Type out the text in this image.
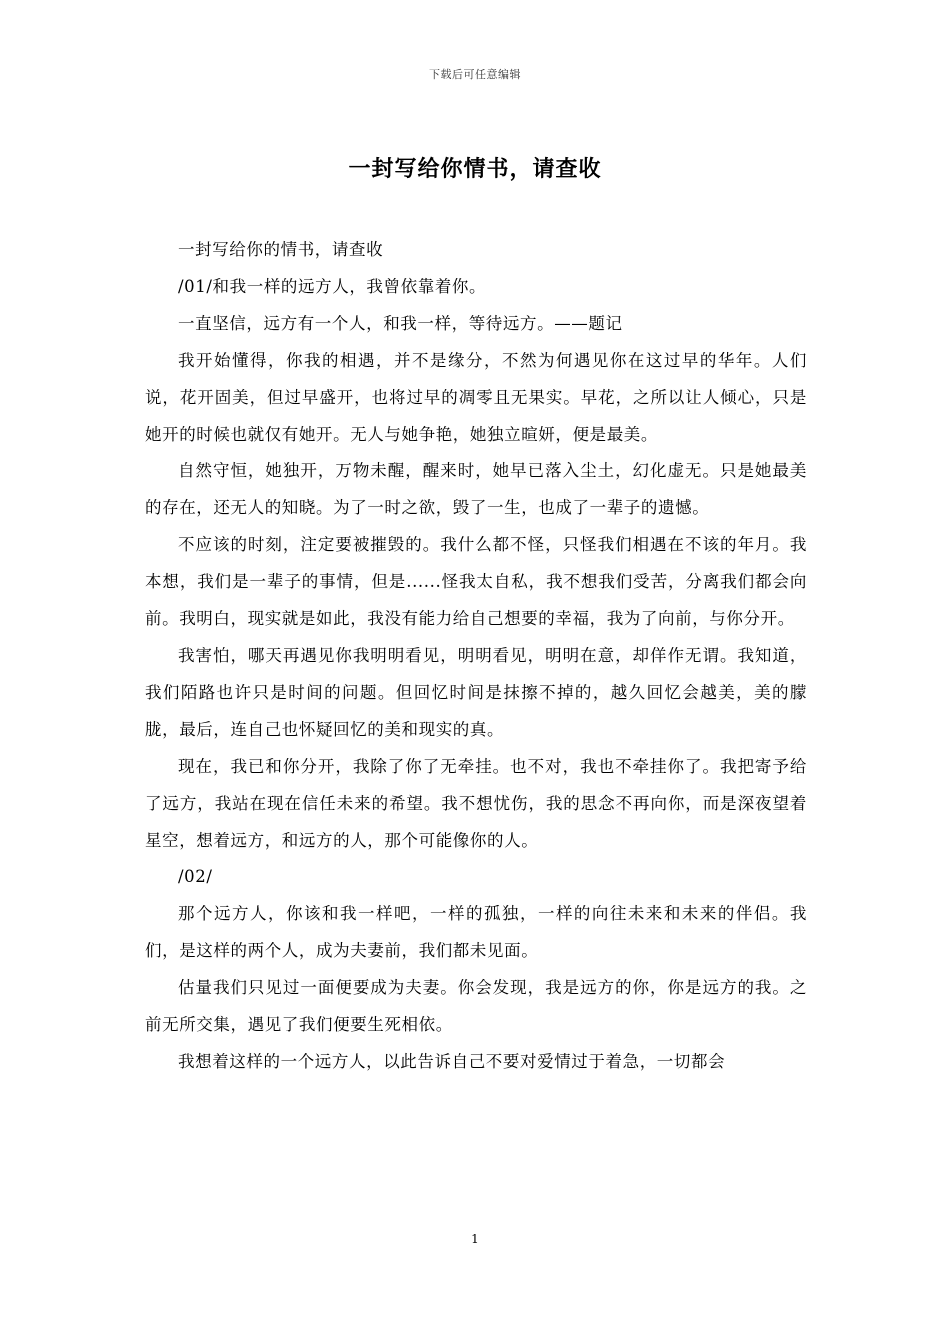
下载后可任意编辑
一封写给你情书，请查收

一封写给你的情书，请查收

/01/和我一样的远方人，我曾依靠着你。

一直坚信，远方有一个人，和我一样，等待远方。——题记

我开始懂得，你我的相遇，并不是缘分，不然为何遇见你在这过早的华年。人们说，花开固美，但过早盛开，也将过早的凋零且无果实。早花，之所以让人倾心，只是她开的时候也就仅有她开。无人与她争艳，她独立暄妍，便是最美。

自然守恒，她独开，万物未醒，醒来时，她早已落入尘土，幻化虚无。只是她最美的存在，还无人的知晓。为了一时之欲，毁了一生，也成了一辈子的遗憾。

不应该的时刻，注定要被摧毁的。我什么都不怪，只怪我们相遇在不该的年月。我本想，我们是一辈子的事情，但是......怪我太自私，我不想我们受苦，分离我们都会向前。我明白，现实就是如此，我没有能力给自己想要的幸福，我为了向前，与你分开。

我害怕，哪天再遇见你我明明看见，明明看见，明明在意，却佯作无谓。我知道，我们陌路也许只是时间的问题。但回忆时间是抹擦不掉的，越久回忆会越美，美的朦胧，最后，连自己也怀疑回忆的美和现实的真。

现在，我已和你分开，我除了你了无牵挂。也不对，我也不牵挂你了。我把寄予给了远方，我站在现在信任未来的希望。我不想忧伤，我的思念不再向你，而是深夜望着星空，想着远方，和远方的人，那个可能像你的人。

/02/

那个远方人，你该和我一样吧，一样的孤独，一样的向往未来和未来的伴侣。我们，是这样的两个人，成为夫妻前，我们都未见面。

估量我们只见过一面便要成为夫妻。你会发现，我是远方的你，你是远方的我。之前无所交集，遇见了我们便要生死相依。

我想着这样的一个远方人，以此告诉自己不要对爱情过于着急，一切都会

1
